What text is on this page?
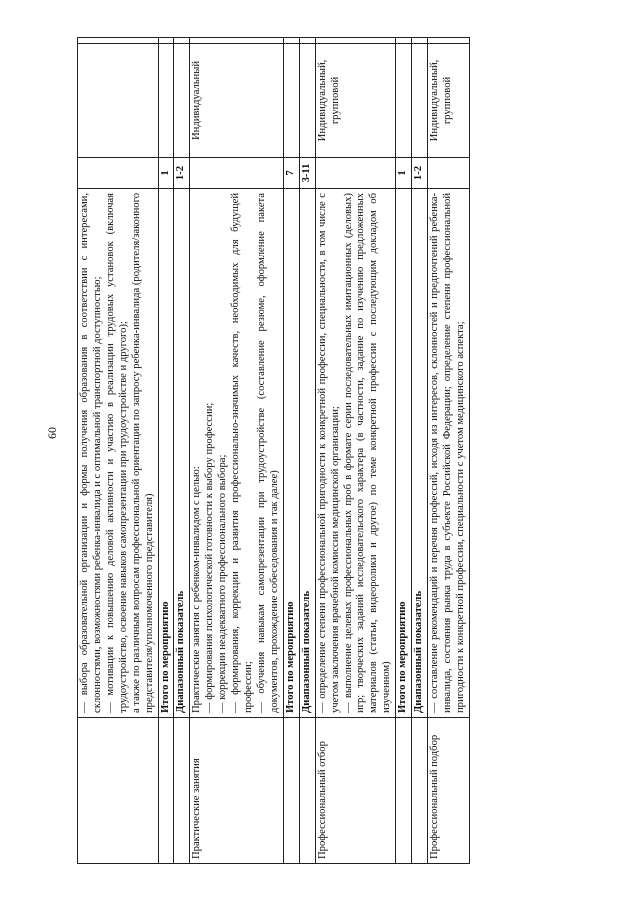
60

	— выбора образовательной организации и формы получения образования в соответствии с интересами, склонностями, возможностями ребенка-инвалида и с оптимальной транспортной доступностью; — мотивации к повышению деловой активности и участию в реализации трудовых установок (включая трудоустройство, освоение навыков самопрезентации при трудоустройстве и другого); а также по различным вопросам профессиональной ориентации по запросу ребенка-инвалида (родителя/законного представителя/уполномоченного представителя)			

	Итого по мероприятию	1		
	Диапазонный показатель	1-2		
Практические занятия	Практические занятия с ребенком-инвалидом с целью: — формирования психологической готовности к выбору профессии; — коррекции неадекватного профессионального выбора; — формирования, коррекции и развития профессионально-значимых качеств, необходимых для будущей профессии; — обучения навыкам самопрезентации при трудоустройстве (составление резюме, оформление пакета документов, прохождение собеседования и так далее)		Индивидуальный	
	Итого по мероприятию	7		
	Диапазонный показатель	3-11		
Профессиональный отбор	— определение степени профессиональной пригодности к конкретной профессии, специальности, в том числе с учетом заключения врачебной комиссии медицинской организации; — выполнение целевых профессиональных проб в формате серии последовательных имитационных (деловых) игр; творческих заданий исследовательского характера (в частности, задание по изучению предложенных материалов (статьи, видеоролики и другое) по теме конкретной профессии с последующим докладом об изученном)		Индивидуальный, групповой	
	Итого по мероприятию	1		
	Диапазонный показатель	1-2		
Профессиональный подбор	— составление рекомендаций и перечня профессий, исходя из интересов, склонностей и предпочтений ребенка-инвалида, состояния рынка труда в субъекте Российской Федерации; определение степени профессиональной пригодности к конкретной профессии, специальности с учетом медицинского аспекта;		Индивидуальный, групповой	
